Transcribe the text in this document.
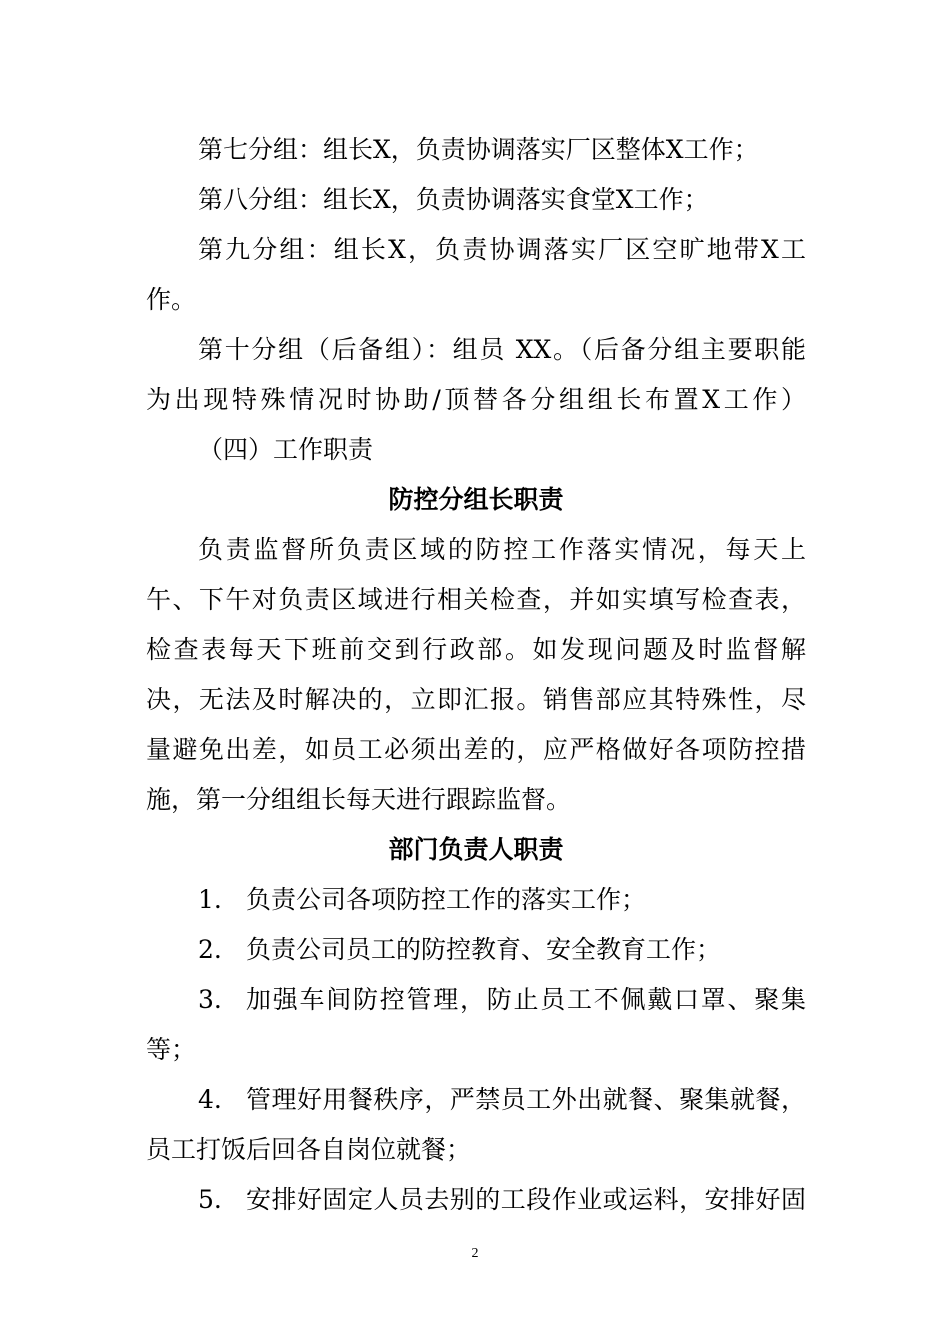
第七分组：组长X，负责协调落实厂区整体X工作；
第八分组：组长X，负责协调落实食堂X工作；
第九分组：组长X，负责协调落实厂区空旷地带X工
作。
第十分组（后备组）：组员 XX。（后备分组主要职能
为出现特殊情况时协助/顶替各分组组长布置X工作）
（四）工作职责
防控分组长职责
负责监督所负责区域的防控工作落实情况，每天上
午、下午对负责区域进行相关检查，并如实填写检查表，
检查表每天下班前交到行政部。如发现问题及时监督解
决，无法及时解决的，立即汇报。销售部应其特殊性，尽
量避免出差，如员工必须出差的，应严格做好各项防控措
施，第一分组组长每天进行跟踪监督。
部门负责人职责
1. 负责公司各项防控工作的落实工作；
2. 负责公司员工的防控教育、安全教育工作；
3. 加强车间防控管理，防止员工不佩戴口罩、聚集
等；
4. 管理好用餐秩序，严禁员工外出就餐、聚集就餐，
员工打饭后回各自岗位就餐；
5. 安排好固定人员去别的工段作业或运料，安排好固
2
